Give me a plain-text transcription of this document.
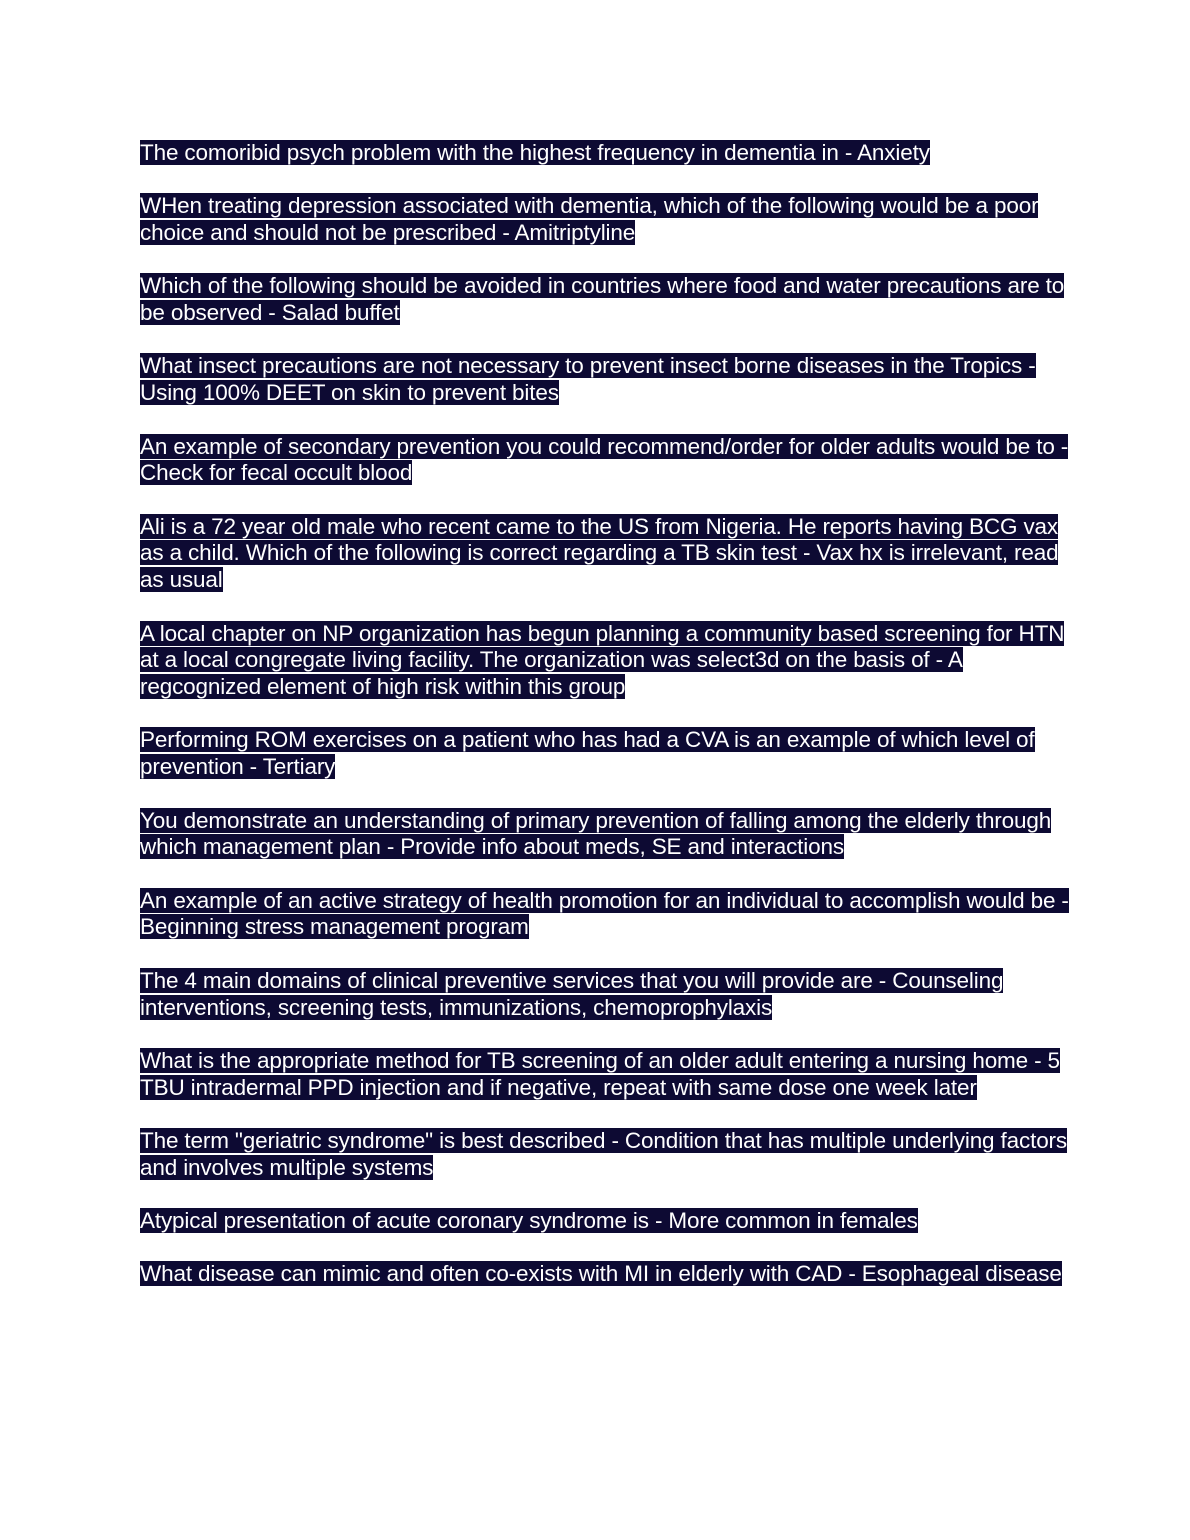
The comoribid psych problem with the highest frequency in dementia in - Anxiety

WHen treating depression associated with dementia, which of the following would be a poor choice and should not be prescribed - Amitriptyline

Which of the following should be avoided in countries where food and water precautions are to be observed - Salad buffet

What insect precautions are not necessary to prevent insect borne diseases in the Tropics - Using 100% DEET on skin to prevent bites

An example of secondary prevention you could recommend/order for older adults would be to - Check for fecal occult blood

Ali is a 72 year old male who recent came to the US from Nigeria. He reports having BCG vax as a child. Which of the following is correct regarding a TB skin test - Vax hx is irrelevant, read as usual

A local chapter on NP organization has begun planning a community based screening for HTN at a local congregate living facility. The organization was select3d on the basis of - A regcognized element of high risk within this group

Performing ROM exercises on a patient who has had a CVA is an example of which level of prevention - Tertiary

You demonstrate an understanding of primary prevention of falling among the elderly through which management plan - Provide info about meds, SE and interactions

An example of an active strategy of health promotion for an individual to accomplish would be - Beginning stress management program

The 4 main domains of clinical preventive services that you will provide are - Counseling interventions, screening tests, immunizations, chemoprophylaxis

What is the appropriate method for TB screening of an older adult entering a nursing home - 5 TBU intradermal PPD injection and if negative, repeat with same dose one week later

The term "geriatric syndrome" is best described - Condition that has multiple underlying factors and involves multiple systems

Atypical presentation of acute coronary syndrome is - More common in females

What disease can mimic and often co-exists with MI in elderly with CAD - Esophageal disease
